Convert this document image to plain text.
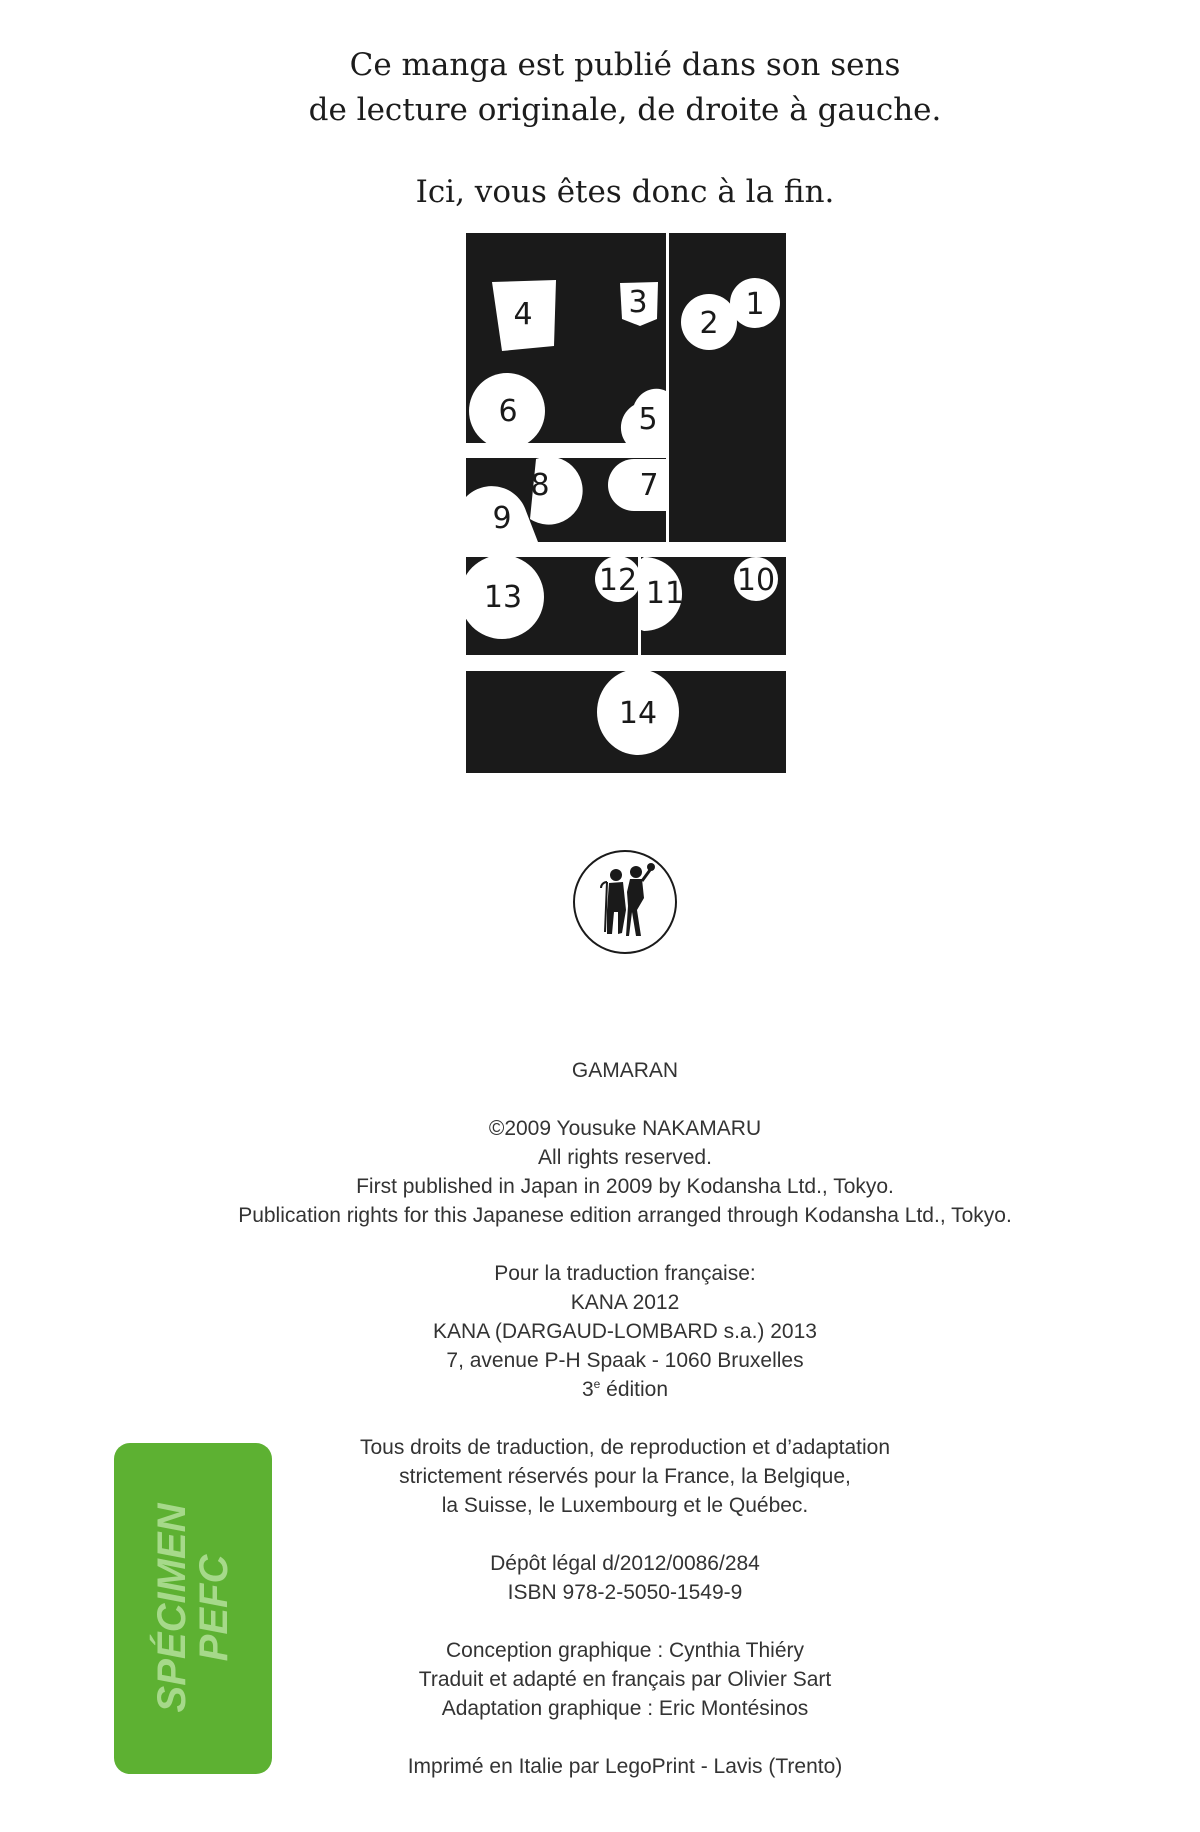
Ce manga est publié dans son sens
de lecture originale, de droite à gauche.
Ici, vous êtes donc à la fin.
1
2
3
4
5
6
7
8
9
10
11
12
13
14

GAMARAN

©2009 Yousuke NAKAMARU

All rights reserved.

First published in Japan in 2009 by Kodansha Ltd., Tokyo.

Publication rights for this Japanese edition arranged through Kodansha Ltd., Tokyo.

Pour la traduction française:

KANA 2012

KANA (DARGAUD-LOMBARD s.a.) 2013

7, avenue P-H Spaak - 1060 Bruxelles

3e édition

Tous droits de traduction, de reproduction et d’adaptation

strictement réservés pour la France, la Belgique,

la Suisse, le Luxembourg et le Québec.

Dépôt légal d/2012/0086/284

ISBN 978-2-5050-1549-9

Conception graphique : Cynthia Thiéry

Traduit et adapté en français par Olivier Sart

Adaptation graphique : Eric Montésinos

Imprimé en Italie par LegoPrint - Lavis (Trento)

SPÉCIMEN
PEFC
